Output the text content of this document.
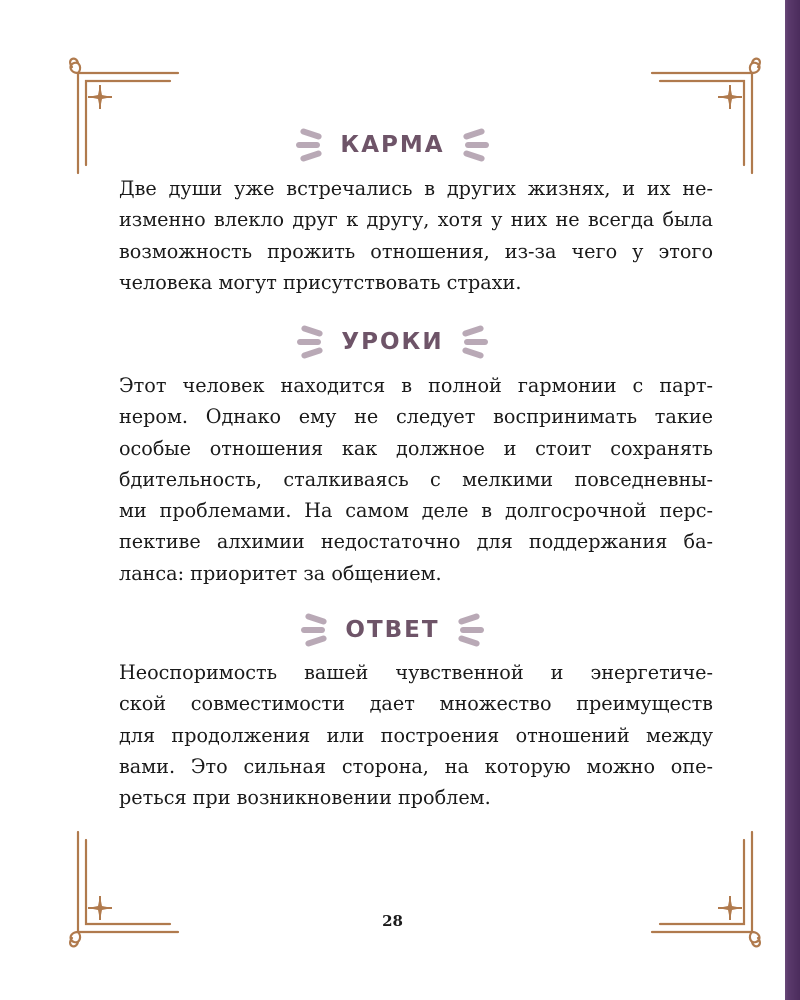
КАРМА

Две души уже встречались в других жизнях, и их не-
изменно влекло друг к другу, хотя у них не всегда была
возможность прожить отношения, из-за чего у этого
человека могут присутствовать страхи.

УРОКИ

Этот человек находится в полной гармонии с парт-
нером. Однако ему не следует воспринимать такие
особые отношения как должное и стоит сохранять
бдительность, сталкиваясь с мелкими повседневны-
ми проблемами. На самом деле в долгосрочной перс-
пективе алхимии недостаточно для поддержания ба-
ланса: приоритет за общением.

ОТВЕТ

Неоспоримость вашей чувственной и энергетиче-
ской совместимости дает множество преимуществ
для продолжения или построения отношений между
вами. Это сильная сторона, на которую можно опе-
реться при возникновении проблем.

28
